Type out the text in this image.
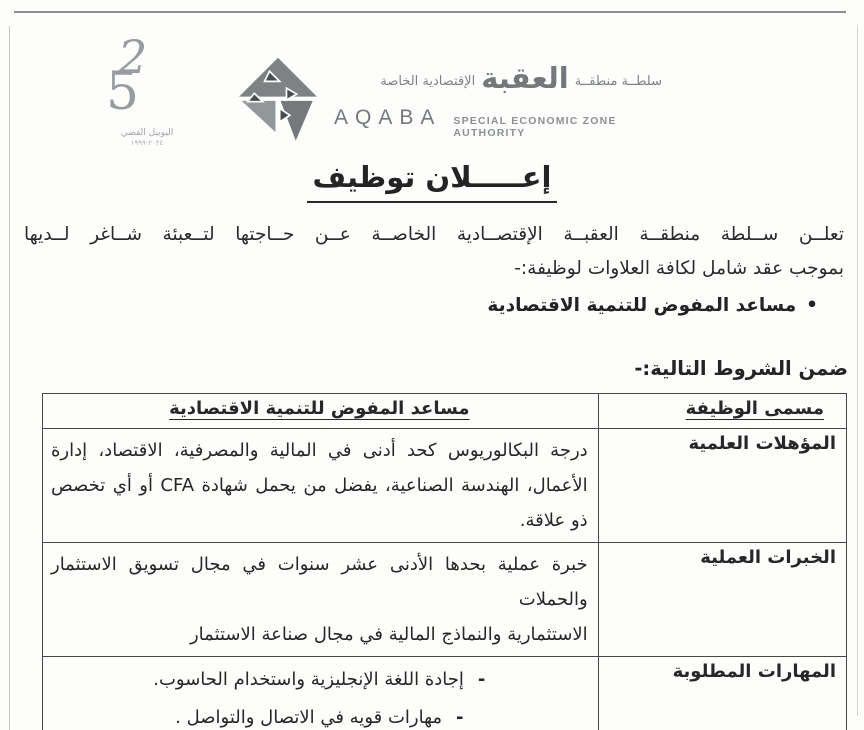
2
5
اليوبيل الفضي
٢٠٢٤-١٩٩٩
سلطــة منطقــة
العقبة
الإقتصادية الخاصة
AQABA SPECIAL ECONOMIC ZONE AUTHORITY
إعـــــلان توظيف
تعلــن ســلطة منطقــة العقبــة الإقتصــادية الخاصــة عــن حــاجتها لتــعبئة شــاغر لــديها
بموجب عقد شامل لكافة العلاوات لوظيفة:-
•مساعد المفوض للتنمية الاقتصادية
ضمن الشروط التالية:-
مسمى الوظيفة	مساعد المفوض للتنمية الاقتصادية
المؤهلات العلمية	درجة البكالوريوس كحد أدنى في المالية والمصرفية، الاقتصاد، إدارة
الأعمال، الهندسة الصناعية، يفضل من يحمل شهادة CFA أو أي تخصص
ذو علاقة.

الخبرات العملية	خبرة عملية بحدها الأدنى عشر سنوات في مجال تسويق الاستثمار والحملات
الاستثمارية والنماذج المالية في مجال صناعة الاستثمار

المهارات المطلوبة	-إجادة اللغة الإنجليزية واستخدام الحاسوب.
-مهارات قويه في الاتصال والتواصل .
